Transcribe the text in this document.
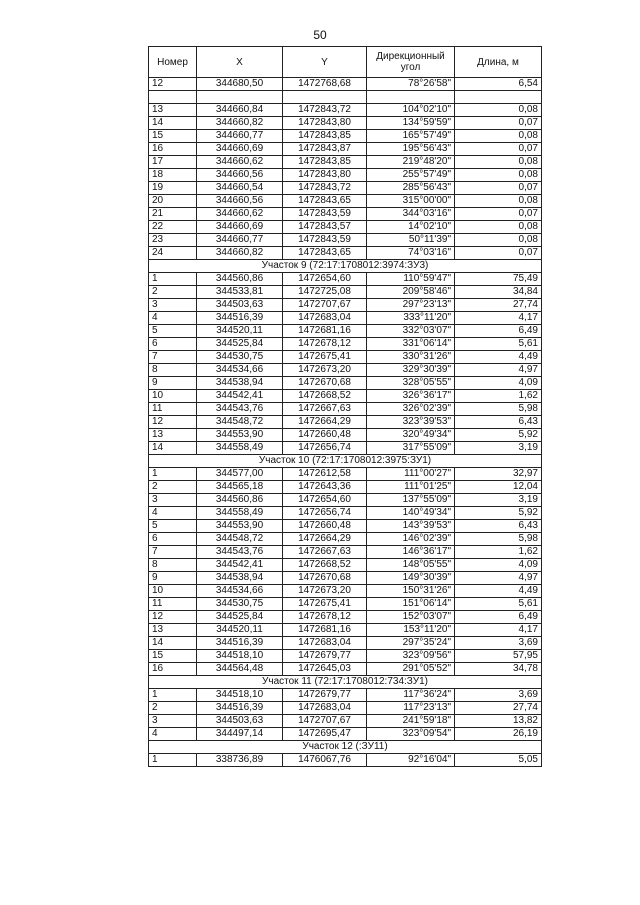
50
Номер	X	Y	Дирекционный угол	Длина, м
12	344680,50	1472768,68	78°26'58"	6,54

13	344660,84	1472843,72	104°02'10"	0,08
14	344660,82	1472843,80	134°59'59"	0,07
15	344660,77	1472843,85	165°57'49"	0,08
16	344660,69	1472843,87	195°56'43"	0,07
17	344660,62	1472843,85	219°48'20"	0,08
18	344660,56	1472843,80	255°57'49"	0,08
19	344660,54	1472843,72	285°56'43"	0,07
20	344660,56	1472843,65	315°00'00"	0,08
21	344660,62	1472843,59	344°03'16"	0,07
22	344660,69	1472843,57	14°02'10"	0,08
23	344660,77	1472843,59	50°11'39"	0,08
24	344660,82	1472843,65	74°03'16"	0,07
Участок 9 (72:17:1708012:3974:ЗУ3)				
1	344560,86	1472654,60	110°59'47"	75,49
2	344533,81	1472725,08	209°58'46"	34,84
3	344503,63	1472707,67	297°23'13"	27,74
4	344516,39	1472683,04	333°11'20"	4,17
5	344520,11	1472681,16	332°03'07"	6,49
6	344525,84	1472678,12	331°06'14"	5,61
7	344530,75	1472675,41	330°31'26"	4,49
8	344534,66	1472673,20	329°30'39"	4,97
9	344538,94	1472670,68	328°05'55"	4,09
10	344542,41	1472668,52	326°36'17"	1,62
11	344543,76	1472667,63	326°02'39"	5,98
12	344548,72	1472664,29	323°39'53"	6,43
13	344553,90	1472660,48	320°49'34"	5,92
14	344558,49	1472656,74	317°55'09"	3,19
Участок 10 (72:17:1708012:3975:ЗУ1)				
1	344577,00	1472612,58	111°00'27"	32,97
2	344565,18	1472643,36	111°01'25"	12,04
3	344560,86	1472654,60	137°55'09"	3,19
4	344558,49	1472656,74	140°49'34"	5,92
5	344553,90	1472660,48	143°39'53"	6,43
6	344548,72	1472664,29	146°02'39"	5,98
7	344543,76	1472667,63	146°36'17"	1,62
8	344542,41	1472668,52	148°05'55"	4,09
9	344538,94	1472670,68	149°30'39"	4,97
10	344534,66	1472673,20	150°31'26"	4,49
11	344530,75	1472675,41	151°06'14"	5,61
12	344525,84	1472678,12	152°03'07"	6,49
13	344520,11	1472681,16	153°11'20"	4,17
14	344516,39	1472683,04	297°35'24"	3,69
15	344518,10	1472679,77	323°09'56"	57,95
16	344564,48	1472645,03	291°05'52"	34,78
Участок 11 (72:17:1708012:734:ЗУ1)				
1	344518,10	1472679,77	117°36'24"	3,69
2	344516,39	1472683,04	117°23'13"	27,74
3	344503,63	1472707,67	241°59'18"	13,82
4	344497,14	1472695,47	323°09'54"	26,19
Участок 12 (:ЗУ11)				
1	338736,89	1476067,76	92°16'04"	5,05
